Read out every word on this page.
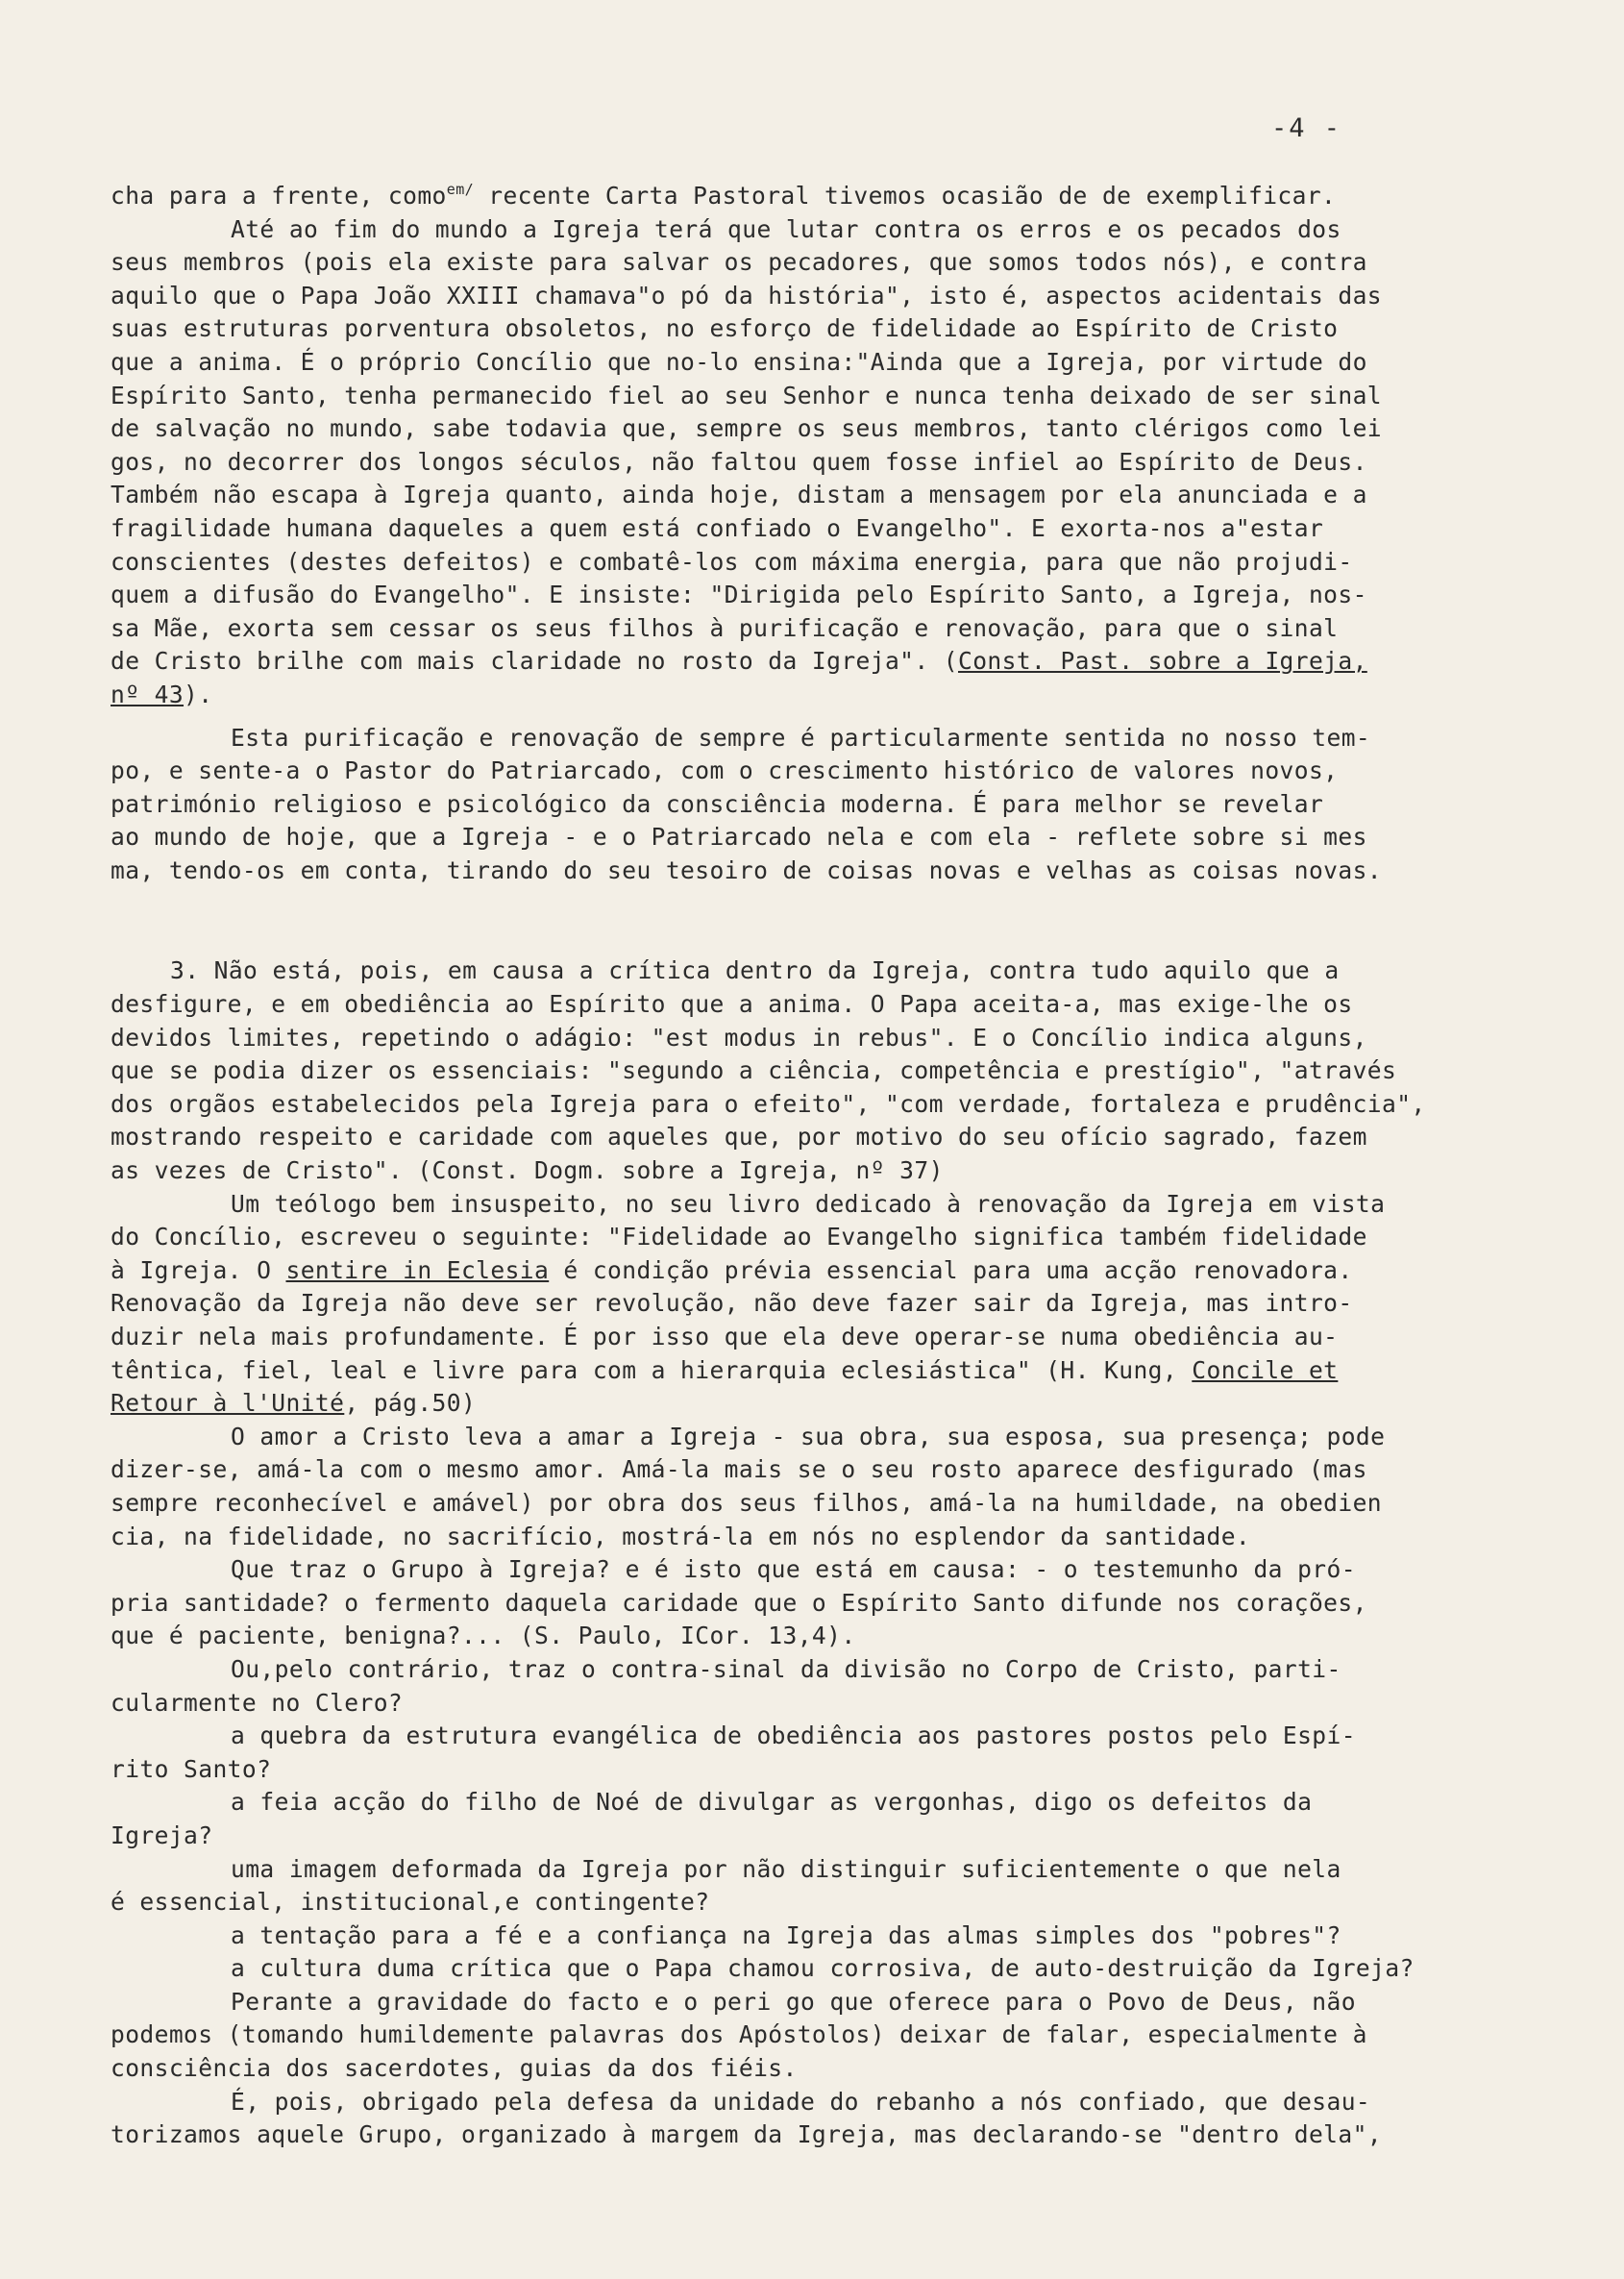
-4 -

cha para a frente, como$^{em/}$ recente Carta Pastoral tivemos ocasião de de exemplificar.
Até ao fim do mundo a Igreja terá que lutar contra os erros e os pecados dos
seus membros (pois ela existe para salvar os pecadores, que somos todos nós), e contra
aquilo que o Papa João XXIII chamava"o pó da história", isto é, aspectos acidentais das
suas estruturas porventura obsoletos, no esforço de fidelidade ao Espírito de Cristo
que a anima. É o próprio Concílio que no-lo ensina:"Ainda que a Igreja, por virtude do
Espírito Santo, tenha permanecido fiel ao seu Senhor e nunca tenha deixado de ser sinal
de salvação no mundo, sabe todavia que, sempre os seus membros, tanto clérigos como lei
gos, no decorrer dos longos séculos, não faltou quem fosse infiel ao Espírito de Deus.
Também não escapa à Igreja quanto, ainda hoje, distam a mensagem por ela anunciada e a
fragilidade humana daqueles a quem está confiado o Evangelho". E exorta-nos a"estar
conscientes (destes defeitos) e combatê-los com máxima energia, para que não projudi-
quem a difusão do Evangelho". E insiste: "Dirigida pelo Espírito Santo, a Igreja, nos-
sa Mãe, exorta sem cessar os seus filhos à purificação e renovação, para que o sinal
de Cristo brilhe com mais claridade no rosto da Igreja". (Const. Past. sobre a Igreja,
nº 43).

Esta purificação e renovação de sempre é particularmente sentida no nosso tem-
po, e sente-a o Pastor do Patriarcado, com o crescimento histórico de valores novos,
património religioso e psicológico da consciência moderna. É para melhor se revelar
ao mundo de hoje, que a Igreja - e o Patriarcado nela e com ela - reflete sobre si mes
ma, tendo-os em conta, tirando do seu tesoiro de coisas novas e velhas as coisas novas.

3. Não está, pois, em causa a crítica dentro da Igreja, contra tudo aquilo que a
desfigure, e em obediência ao Espírito que a anima. O Papa aceita-a, mas exige-lhe os
devidos limites, repetindo o adágio: "est modus in rebus". E o Concílio indica alguns,
que se podia dizer os essenciais: "segundo a ciência, competência e prestígio", "através
dos orgãos estabelecidos pela Igreja para o efeito", "com verdade, fortaleza e prudência",
mostrando respeito e caridade com aqueles que, por motivo do seu ofício sagrado, fazem
as vezes de Cristo". (Const. Dogm. sobre a Igreja, nº 37)

Um teólogo bem insuspeito, no seu livro dedicado à renovação da Igreja em vista
do Concílio, escreveu o seguinte: "Fidelidade ao Evangelho significa também fidelidade
à Igreja. O sentire in Eclesia é condição prévia essencial para uma acção renovadora.
Renovação da Igreja não deve ser revolução, não deve fazer sair da Igreja, mas intro-
duzir nela mais profundamente. É por isso que ela deve operar-se numa obediência au-
têntica, fiel, leal e livre para com a hierarquia eclesiástica" (H. Kung, Concile et
Retour à l'Unité, pág.50)

O amor a Cristo leva a amar a Igreja - sua obra, sua esposa, sua presença; pode
dizer-se, amá-la com o mesmo amor. Amá-la mais se o seu rosto aparece desfigurado (mas
sempre reconhecível e amável) por obra dos seus filhos, amá-la na humildade, na obedien
cia, na fidelidade, no sacrifício, mostrá-la em nós no esplendor da santidade.

Que traz o Grupo à Igreja? e é isto que está em causa: - o testemunho da pró-
pria santidade? o fermento daquela caridade que o Espírito Santo difunde nos corações,
que é paciente, benigna?... (S. Paulo, ICor. 13,4).

Ou,pelo contrário, traz o contra-sinal da divisão no Corpo de Cristo, parti-
cularmente no Clero?
a quebra da estrutura evangélica de obediência aos pastores postos pelo Espí-
rito Santo?
a feia acção do filho de Noé de divulgar as vergonhas, digo os defeitos da
Igreja?
uma imagem deformada da Igreja por não distinguir suficientemente o que nela
é essencial, institucional,e contingente?
a tentação para a fé e a confiança na Igreja das almas simples dos "pobres"?
a cultura duma crítica que o Papa chamou corrosiva, de auto-destruição da Igreja?

Perante a gravidade do facto e o peri go que oferece para o Povo de Deus, não
podemos (tomando humildemente palavras dos Apóstolos) deixar de falar, especialmente à
consciência dos sacerdotes, guias da dos fiéis.

É, pois, obrigado pela defesa da unidade do rebanho a nós confiado, que desau-
torizamos aquele Grupo, organizado à margem da Igreja, mas declarando-se "dentro dela",
